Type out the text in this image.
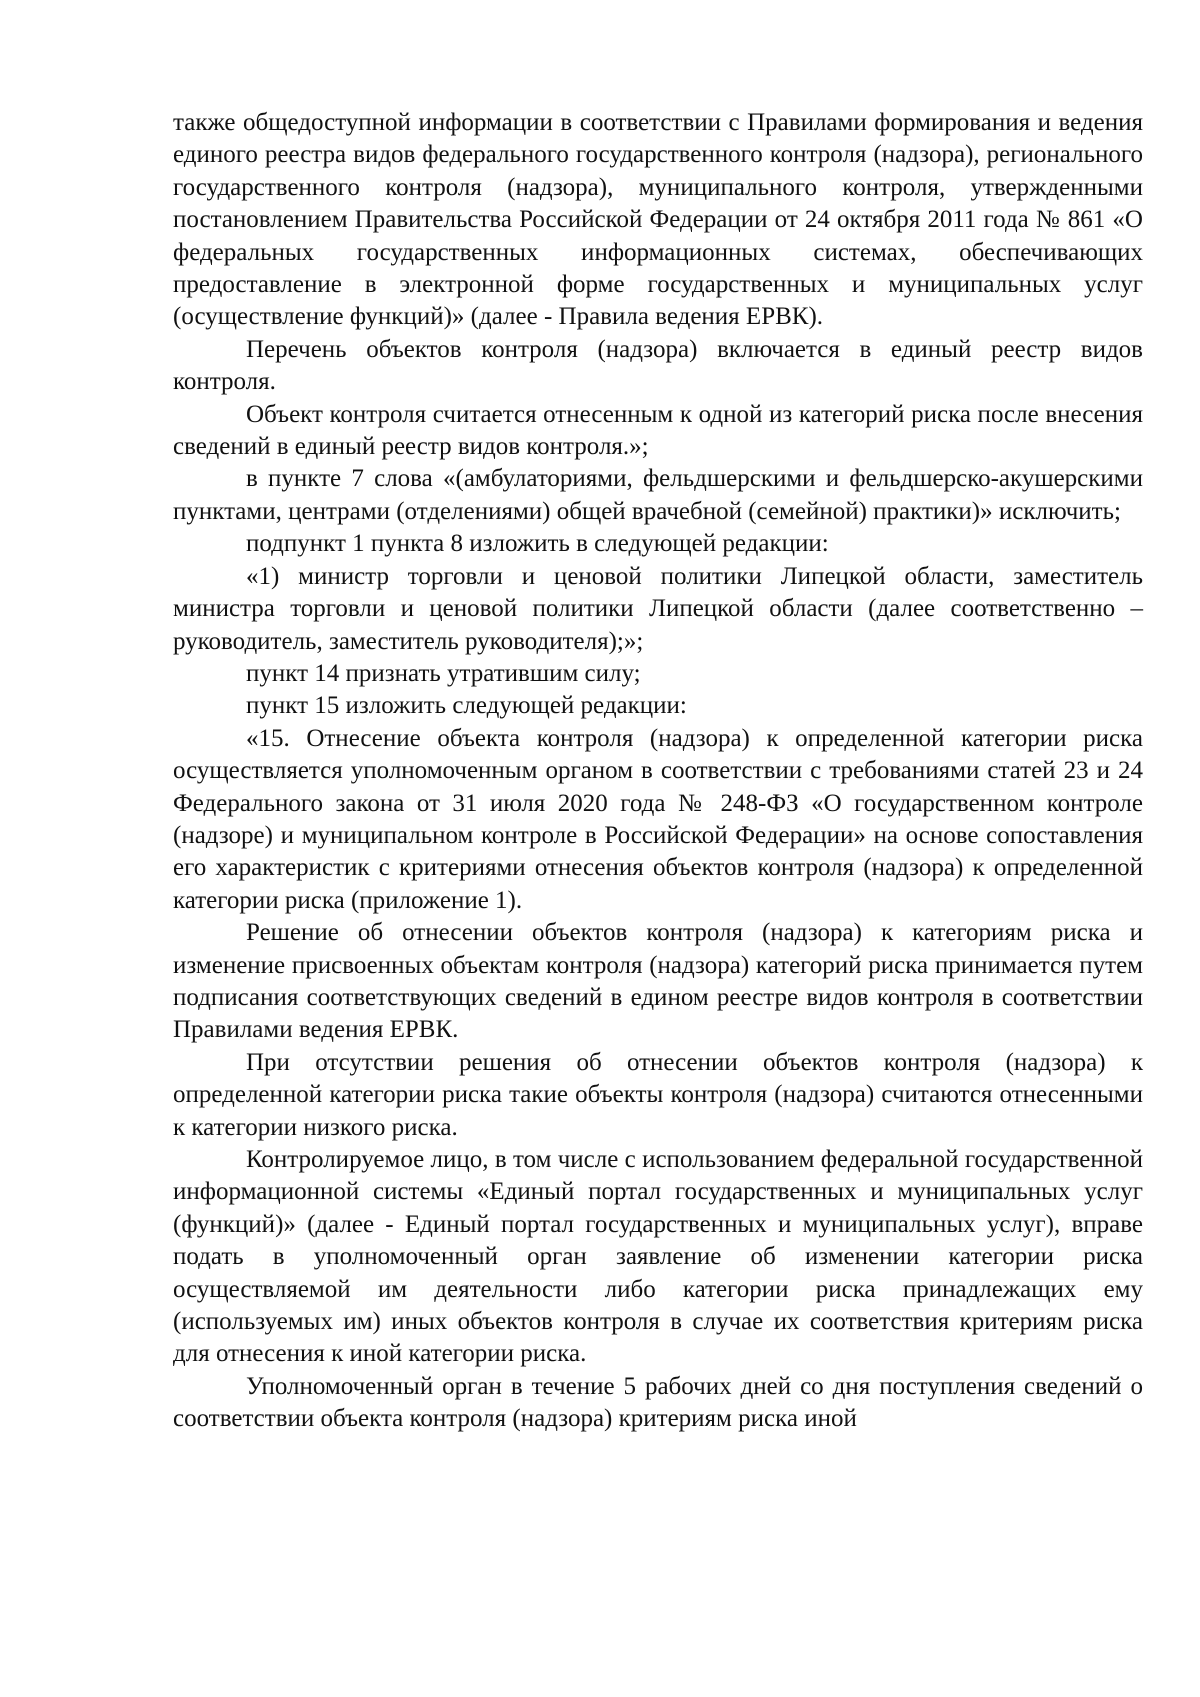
также общедоступной информации в соответствии с Правилами формирования и ведения единого реестра видов федерального государственного контроля (надзора), регионального государственного контроля (надзора), муниципального контроля, утвержденными постановлением Правительства Российской Федерации от 24 октября 2011 года № 861 «О федеральных государственных информационных системах, обеспечивающих предоставление в электронной форме государственных и муниципальных услуг (осуществление функций)» (далее - Правила ведения ЕРВК).

Перечень объектов контроля (надзора) включается в единый реестр видов контроля.

Объект контроля считается отнесенным к одной из категорий риска после внесения сведений в единый реестр видов контроля.»;

в пункте 7 слова «(амбулаториями, фельдшерскими и фельдшерско-акушерскими пунктами, центрами (отделениями) общей врачебной (семейной) практики)» исключить;

подпункт 1 пункта 8 изложить в следующей редакции:

«1) министр торговли и ценовой политики Липецкой области, заместитель министра торговли и ценовой политики Липецкой области (далее соответственно – руководитель, заместитель руководителя);»;

пункт 14 признать утратившим силу;

пункт 15 изложить следующей редакции:

«15. Отнесение объекта контроля (надзора) к определенной категории риска осуществляется уполномоченным органом в соответствии с требованиями статей 23 и 24 Федерального закона от 31 июля 2020 года № 248-ФЗ «О государственном контроле (надзоре) и муниципальном контроле в Российской Федерации» на основе сопоставления его характеристик с критериями отнесения объектов контроля (надзора) к определенной категории риска (приложение 1).

Решение об отнесении объектов контроля (надзора) к категориям риска и изменение присвоенных объектам контроля (надзора) категорий риска принимается путем подписания соответствующих сведений в едином реестре видов контроля в соответствии Правилами ведения ЕРВК.

При отсутствии решения об отнесении объектов контроля (надзора) к определенной категории риска такие объекты контроля (надзора) считаются отнесенными к категории низкого риска.

Контролируемое лицо, в том числе с использованием федеральной государственной информационной системы «Единый портал государственных и муниципальных услуг (функций)» (далее - Единый портал государственных и муниципальных услуг), вправе подать в уполномоченный орган заявление об изменении категории риска осуществляемой им деятельности либо категории риска принадлежащих ему (используемых им) иных объектов контроля в случае их соответствия критериям риска для отнесения к иной категории риска.

Уполномоченный орган в течение 5 рабочих дней со дня поступления сведений о соответствии объекта контроля (надзора) критериям риска иной
